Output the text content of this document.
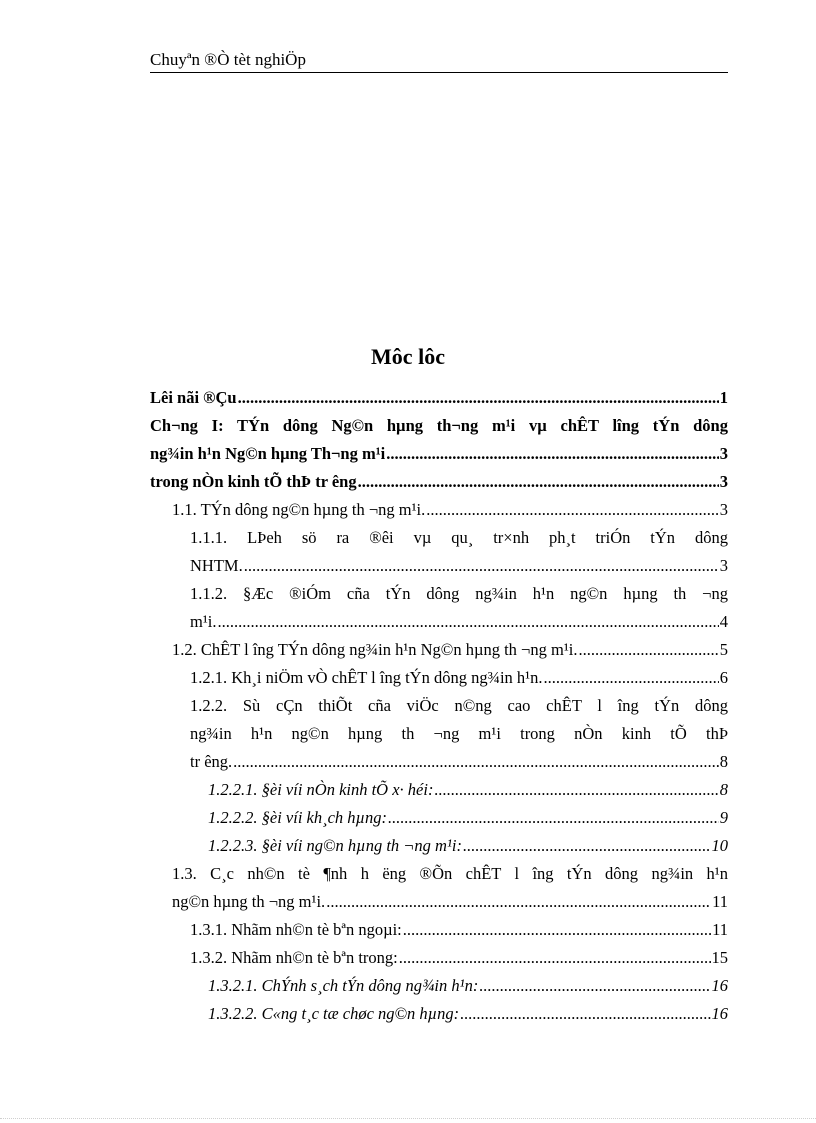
Chuyªn ®Ò tèt nghiÖp
Môc lôc
Lêi nãi ®Çu .....	1
Ch¬ng I: TÝn dông Ng©n hµng th¬ng m¹i vµ chÊT lîng tÝn dông
ng¾in h¹n Ng©n hµng Th¬ng m¹i .....	3
trong nÒn kinh tÕ thÞ tr êng .....	3
1.1. TÝn dông ng©n hµng th ¬ng m¹i. .....	3
1.1.1. LÞeh sö ra ®êi vµ qu¸ tr×nh ph¸t triÓn tÝn dông
NHTM. .....	3
1.1.2. §Æc ®iÓm cña tÝn dông ng¾in h¹n ng©n hµng th ¬ng
m¹i. .....	4
1.2. ChÊT l îng TÝn dông ng¾in h¹n Ng©n hµng th ¬ng m¹i. .....	5
1.2.1. Kh¸i niÖm vÒ chÊT l îng tÝn dông ng¾in h¹n. .....	6
1.2.2. Sù cÇn thiÕt cña viÖc n©ng cao chÊT l îng tÝn dông
ng¾in h¹n ng©n hµng th ¬ng m¹i trong nÒn kinh tÕ thÞ
tr êng. .....	8
1.2.2.1. §èi víi nÒn kinh tÕ x· héi: .....	8
1.2.2.2. §èi víi kh¸ch hµng: .....	9
1.2.2.3. §èi víi ng©n hµng th ¬ng m¹i: .....	10
1.3. C¸c nh©n tè ¶nh h ëng ®Õn chÊT l îng tÝn dông ng¾in h¹n
ng©n hµng th ¬ng m¹i. .....	11
1.3.1. Nhãm nh©n tè bªn ngoµi: .....	11
1.3.2. Nhãm nh©n tè bªn trong: .....	15
1.3.2.1. ChÝnh s¸ch tÝn dông ng¾in h¹n: .....	16
1.3.2.2. C«ng t¸c tæ chøc ng©n hµng: .....	16
